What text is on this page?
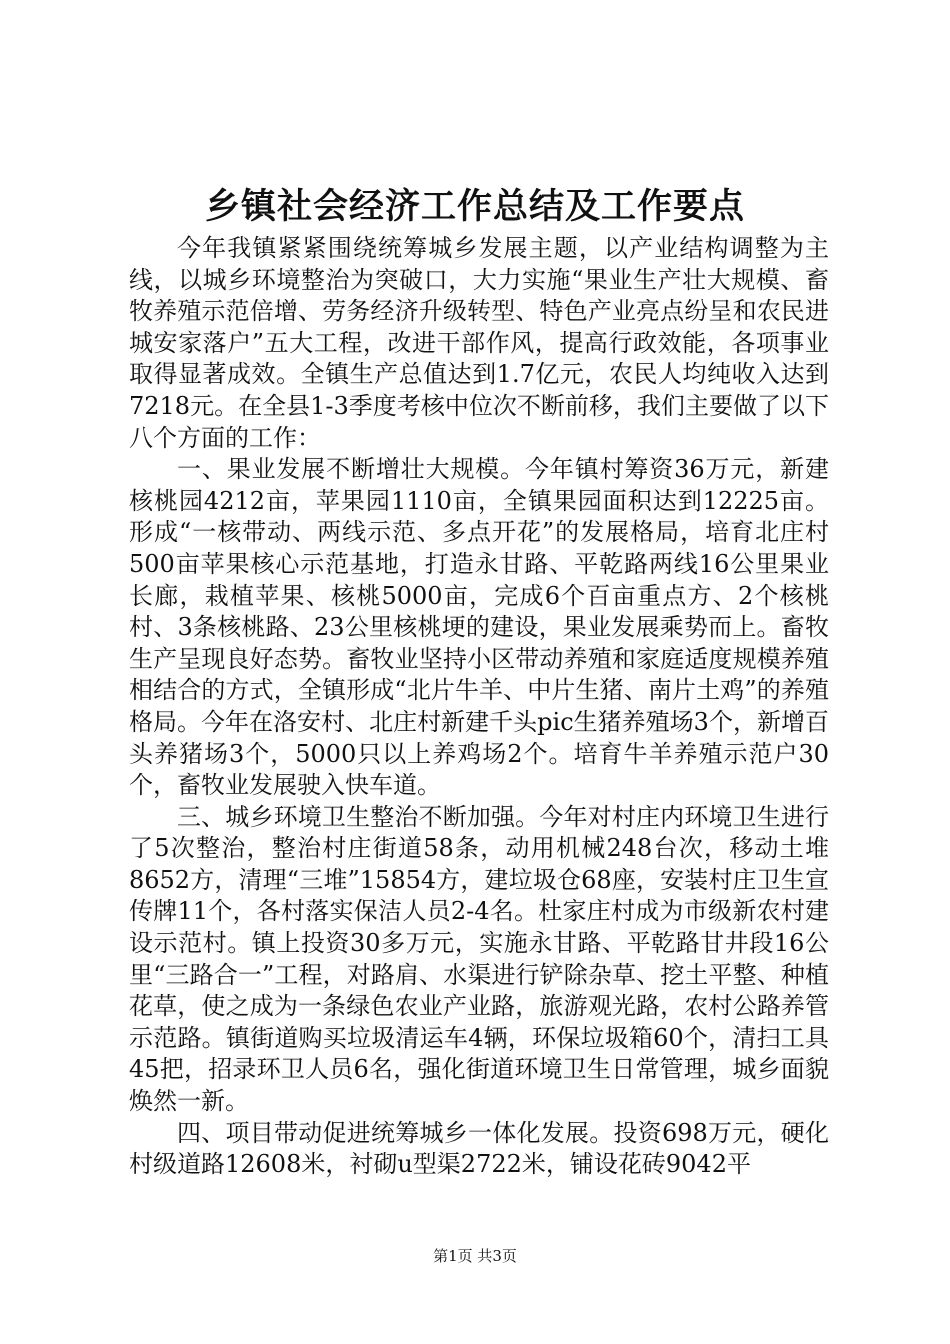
乡镇社会经济工作总结及工作要点

今年我镇紧紧围绕统筹城乡发展主题，以产业结构调整为主线，以城乡环境整治为突破口，大力实施“果业生产壮大规模、畜牧养殖示范倍增、劳务经济升级转型、特色产业亮点纷呈和农民进城安家落户”五大工程，改进干部作风，提高行政效能，各项事业取得显著成效。全镇生产总值达到1.7亿元，农民人均纯收入达到7218元。在全县1-3季度考核中位次不断前移，我们主要做了以下八个方面的工作：

一、果业发展不断增壮大规模。今年镇村筹资36万元，新建核桃园4212亩，苹果园1110亩，全镇果园面积达到12225亩。形成“一核带动、两线示范、多点开花”的发展格局，培育北庄村500亩苹果核心示范基地，打造永甘路、平乾路两线16公里果业长廊，栽植苹果、核桃5000亩，完成6个百亩重点方、2个核桃村、3条核桃路、23公里核桃埂的建设，果业发展乘势而上。畜牧生产呈现良好态势。畜牧业坚持小区带动养殖和家庭适度规模养殖相结合的方式，全镇形成“北片牛羊、中片生猪、南片土鸡”的养殖格局。今年在洛安村、北庄村新建千头pic生猪养殖场3个，新增百头养猪场3个，5000只以上养鸡场2个。培育牛羊养殖示范户30个，畜牧业发展驶入快车道。

三、城乡环境卫生整治不断加强。今年对村庄内环境卫生进行了5次整治，整治村庄街道58条，动用机械248台次，移动土堆8652方，清理“三堆”15854方，建垃圾仓68座，安装村庄卫生宣传牌11个，各村落实保洁人员2-4名。杜家庄村成为市级新农村建设示范村。镇上投资30多万元，实施永甘路、平乾路甘井段16公里“三路合一”工程，对路肩、水渠进行铲除杂草、挖土平整、种植花草，使之成为一条绿色农业产业路，旅游观光路，农村公路养管示范路。镇街道购买垃圾清运车4辆，环保垃圾箱60个，清扫工具45把，招录环卫人员6名，强化街道环境卫生日常管理，城乡面貌焕然一新。

四、项目带动促进统筹城乡一体化发展。投资698万元，硬化村级道路12608米，衬砌u型渠2722米，铺设花砖9042平

第1页 共3页
